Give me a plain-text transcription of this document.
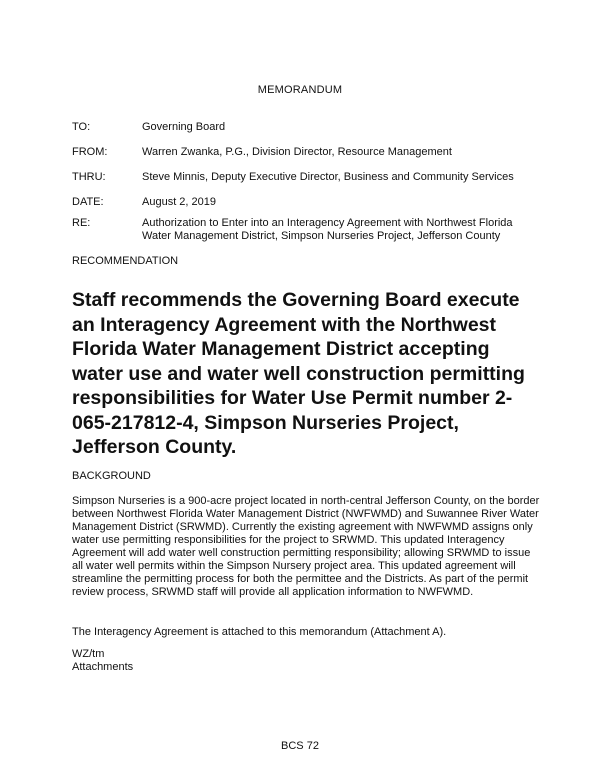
MEMORANDUM
TO:	Governing Board
FROM:	Warren Zwanka, P.G., Division Director, Resource Management
THRU:	Steve Minnis, Deputy Executive Director, Business and Community Services
DATE:	August 2, 2019
RE:	Authorization to Enter into an Interagency Agreement with Northwest Florida Water Management District, Simpson Nurseries Project, Jefferson County
RECOMMENDATION

Staff recommends the Governing Board execute an Interagency Agreement with the Northwest Florida Water Management District accepting water use and water well construction permitting responsibilities for Water Use Permit number 2-065-217812-4, Simpson Nurseries Project, Jefferson County.

BACKGROUND

Simpson Nurseries is a 900-acre project located in north-central Jefferson County, on the border between Northwest Florida Water Management District (NWFWMD) and Suwannee River Water Management District (SRWMD). Currently the existing agreement with NWFWMD assigns only water use permitting responsibilities for the project to SRWMD. This updated Interagency Agreement will add water well construction permitting responsibility; allowing SRWMD to issue all water well permits within the Simpson Nursery project area. This updated agreement will streamline the permitting process for both the permittee and the Districts. As part of the permit review process, SRWMD staff will provide all application information to NWFWMD.

The Interagency Agreement is attached to this memorandum (Attachment A).

WZ/tm
Attachments
BCS 72
